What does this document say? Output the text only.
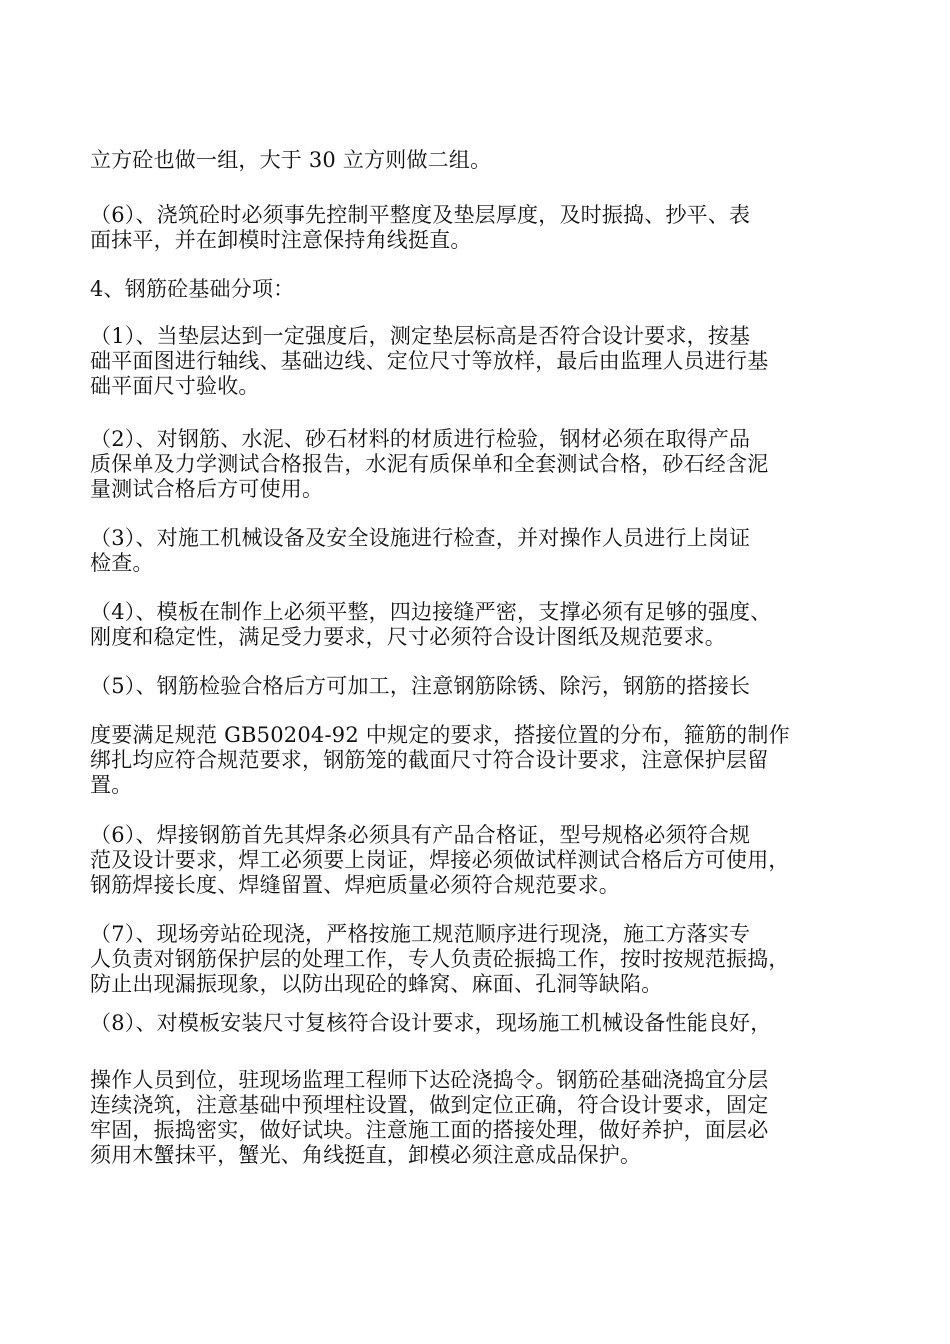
立方砼也做一组，大于 30 立方则做二组。

（6）、浇筑砼时必须事先控制平整度及垫层厚度，及时振捣、抄平、表
面抹平，并在卸模时注意保持角线挺直。

4、钢筋砼基础分项：

（1）、当垫层达到一定强度后，测定垫层标高是否符合设计要求，按基
础平面图进行轴线、基础边线、定位尺寸等放样，最后由监理人员进行基
础平面尺寸验收。

（2）、对钢筋、水泥、砂石材料的材质进行检验，钢材必须在取得产品
质保单及力学测试合格报告，水泥有质保单和全套测试合格，砂石经含泥
量测试合格后方可使用。

（3）、对施工机械设备及安全设施进行检查，并对操作人员进行上岗证
检查。

（4）、模板在制作上必须平整，四边接缝严密，支撑必须有足够的强度、
刚度和稳定性，满足受力要求，尺寸必须符合设计图纸及规范要求。

（5）、钢筋检验合格后方可加工，注意钢筋除锈、除污，钢筋的搭接长

度要满足规范 GB50204-92 中规定的要求，搭接位置的分布，箍筋的制作
绑扎均应符合规范要求，钢筋笼的截面尺寸符合设计要求，注意保护层留
置。

（6）、焊接钢筋首先其焊条必须具有产品合格证，型号规格必须符合规
范及设计要求，焊工必须要上岗证，焊接必须做试样测试合格后方可使用，
钢筋焊接长度、焊缝留置、焊疤质量必须符合规范要求。

（7）、现场旁站砼现浇，严格按施工规范顺序进行现浇，施工方落实专
人负责对钢筋保护层的处理工作，专人负责砼振捣工作，按时按规范振捣，
防止出现漏振现象，以防出现砼的蜂窝、麻面、孔洞等缺陷。

（8）、对模板安装尺寸复核符合设计要求，现场施工机械设备性能良好，

操作人员到位，驻现场监理工程师下达砼浇捣令。钢筋砼基础浇捣宜分层
连续浇筑，注意基础中预埋柱设置，做到定位正确，符合设计要求，固定
牢固，振捣密实，做好试块。注意施工面的搭接处理，做好养护，面层必
须用木蟹抹平，蟹光、角线挺直，卸模必须注意成品保护。
